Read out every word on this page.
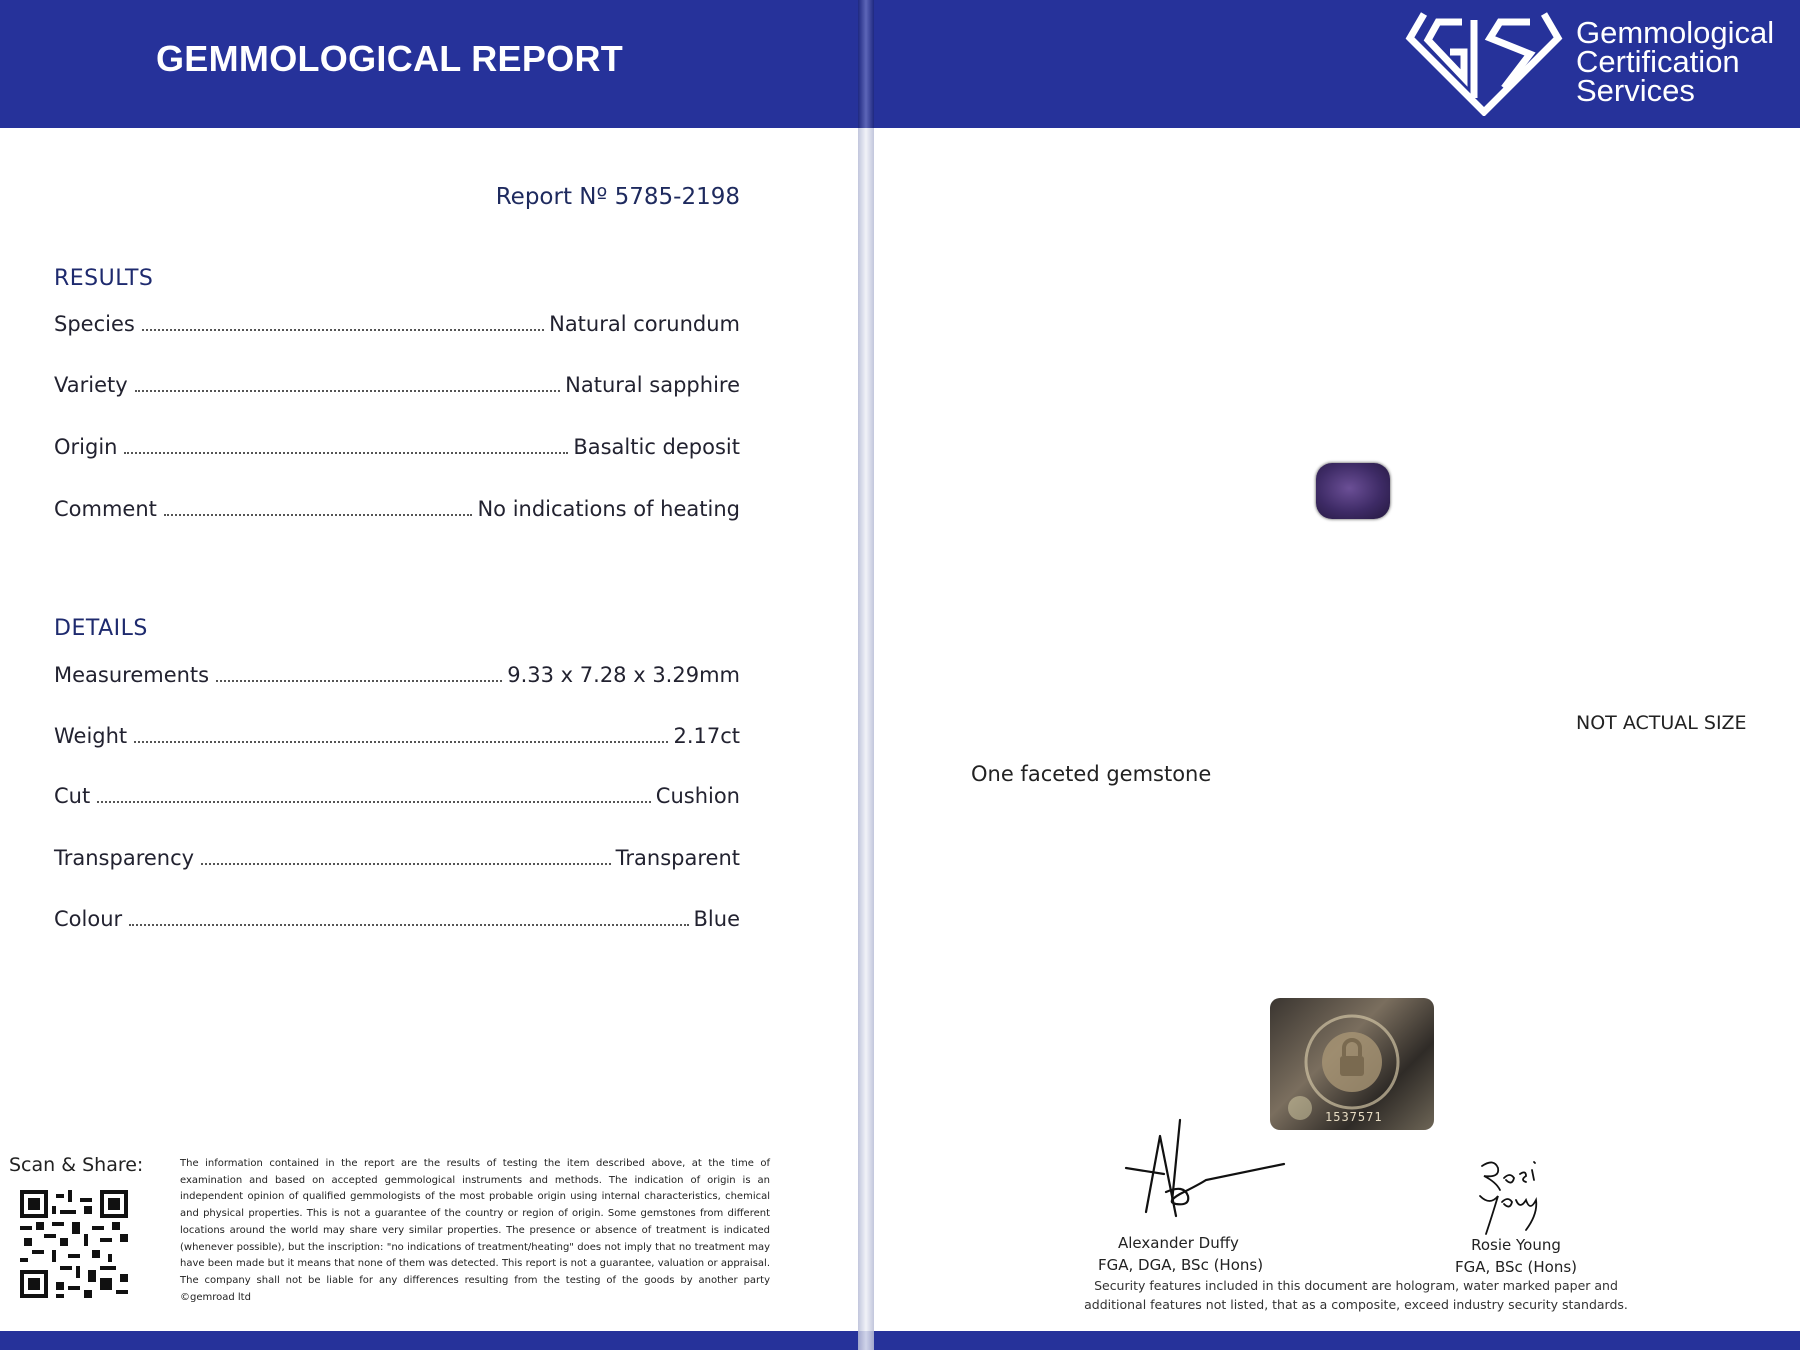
GEMMOLOGICAL REPORT
Gemmological
Certification
Services
Report Nº 5785-2198
RESULTS
Species	Natural corundum
Variety	Natural sapphire
Origin	Basaltic deposit
Comment	No indications of heating
DETAILS
Measurements	9.33 x 7.28 x 3.29mm
Weight	2.17ct
Cut	Cushion
Transparency	Transparent
Colour	Blue
Scan & Share:	The information contained in the report are the results of testing the item described above, at the time of examination and based on accepted gemmological instruments and methods. The indication of origin is an independent opinion of qualified gemmologists of the most probable origin using internal characteristics, chemical and physical properties. This is not a guarantee of the country or region of origin. Some gemstones from different locations around the world may share very similar properties. The presence or absence of treatment is indicated (whenever possible), but the inscription: "no indications of treatment/heating" does not imply that no treatment may have been made but it means that none of them was detected. This report is not a guarantee, valuation or appraisal. The company shall not be liable for any differences resulting from the testing of the goods by another party ©gemroad ltd
NOT ACTUAL SIZE
One faceted gemstone
1537571
Alexander Duffy
FGA, DGA, BSc (Hons)
Rosie Young
FGA, BSc (Hons)
Security features included in this document are hologram, water marked paper and additional features not listed, that as a composite, exceed industry security standards.
